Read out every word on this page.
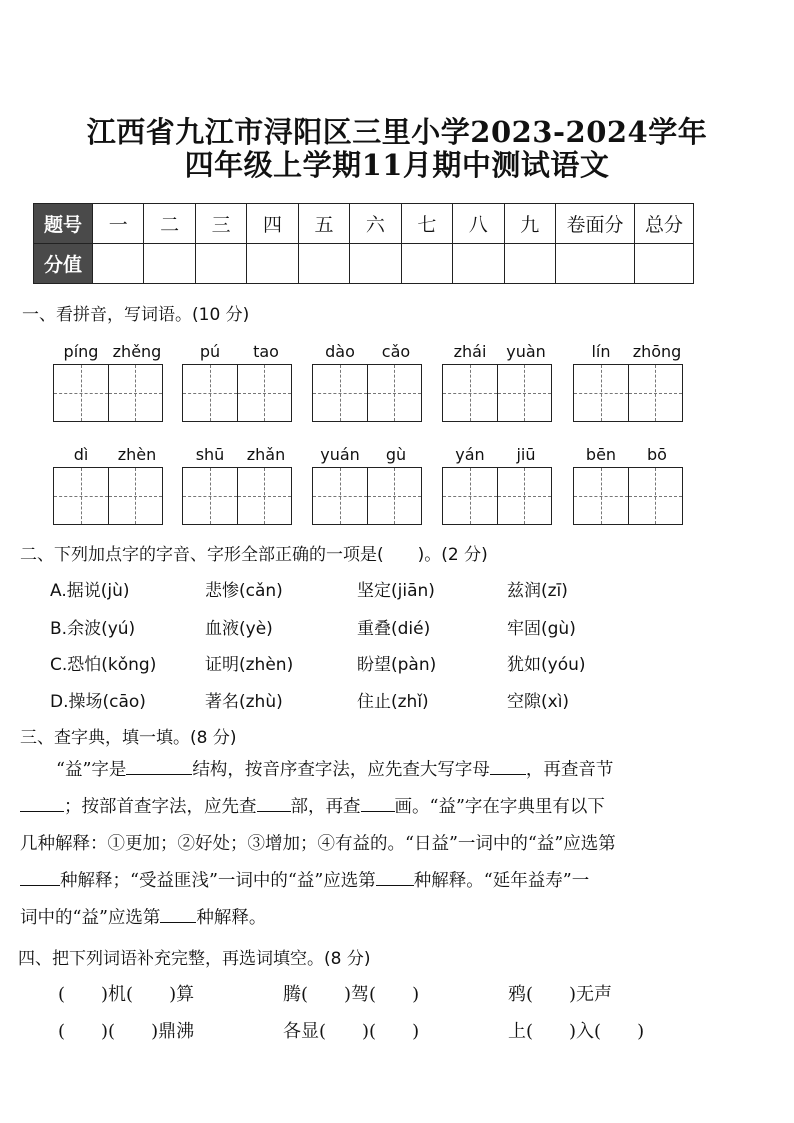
江西省九江市浔阳区三里小学2023-2024学年
四年级上学期11月期中测试语文
题号	一	二	三	四	五	六	七	八	九	卷面分	总分
分值											
一、看拼音，写词语。(10 分)
píng zhěng	pú	tao	dào	cǎo	zhái	yuàn	lín	zhōng
dì	zhèn	shū	zhǎn	yuán	gù	yán	jiū	bēn	bō
二、下列加点字的字音、字形全部正确的一项是(　　)。(2 分)
A.据说(jù)	悲惨(cǎn)	坚定(jiān)	兹润(zī)
B.余波(yú)	血液(yè)	重叠(dié)	牢固(gù)
C.恐怕(kǒng)	证明(zhèn)	盼望(pàn)	犹如(yóu)
D.操场(cāo)	著名(zhù)	住止(zhǐ)	空隙(xì)
三、查字典，填一填。(8 分)
“益”字是	结构，按音序查字法，应先查大写字母 ，再查音节
；按部首查字法，应先查 部，再查 画。“益”字在字典里有以下
几种解释：①更加；②好处；③增加；④有益的。“日益”一词中的“益”应选第
种解释；“受益匪浅”一词中的“益”应选第 种解释。“延年益寿”一
词中的“益”应选第 种解释。
四、把下列词语补充完整，再选词填空。(8 分)
(　　)机(　　)算	腾(　　)驾(　　)	鸦(　　)无声
(　　)(　　)鼎沸	各显(　　)(　　)	上(　　)入(　　)
